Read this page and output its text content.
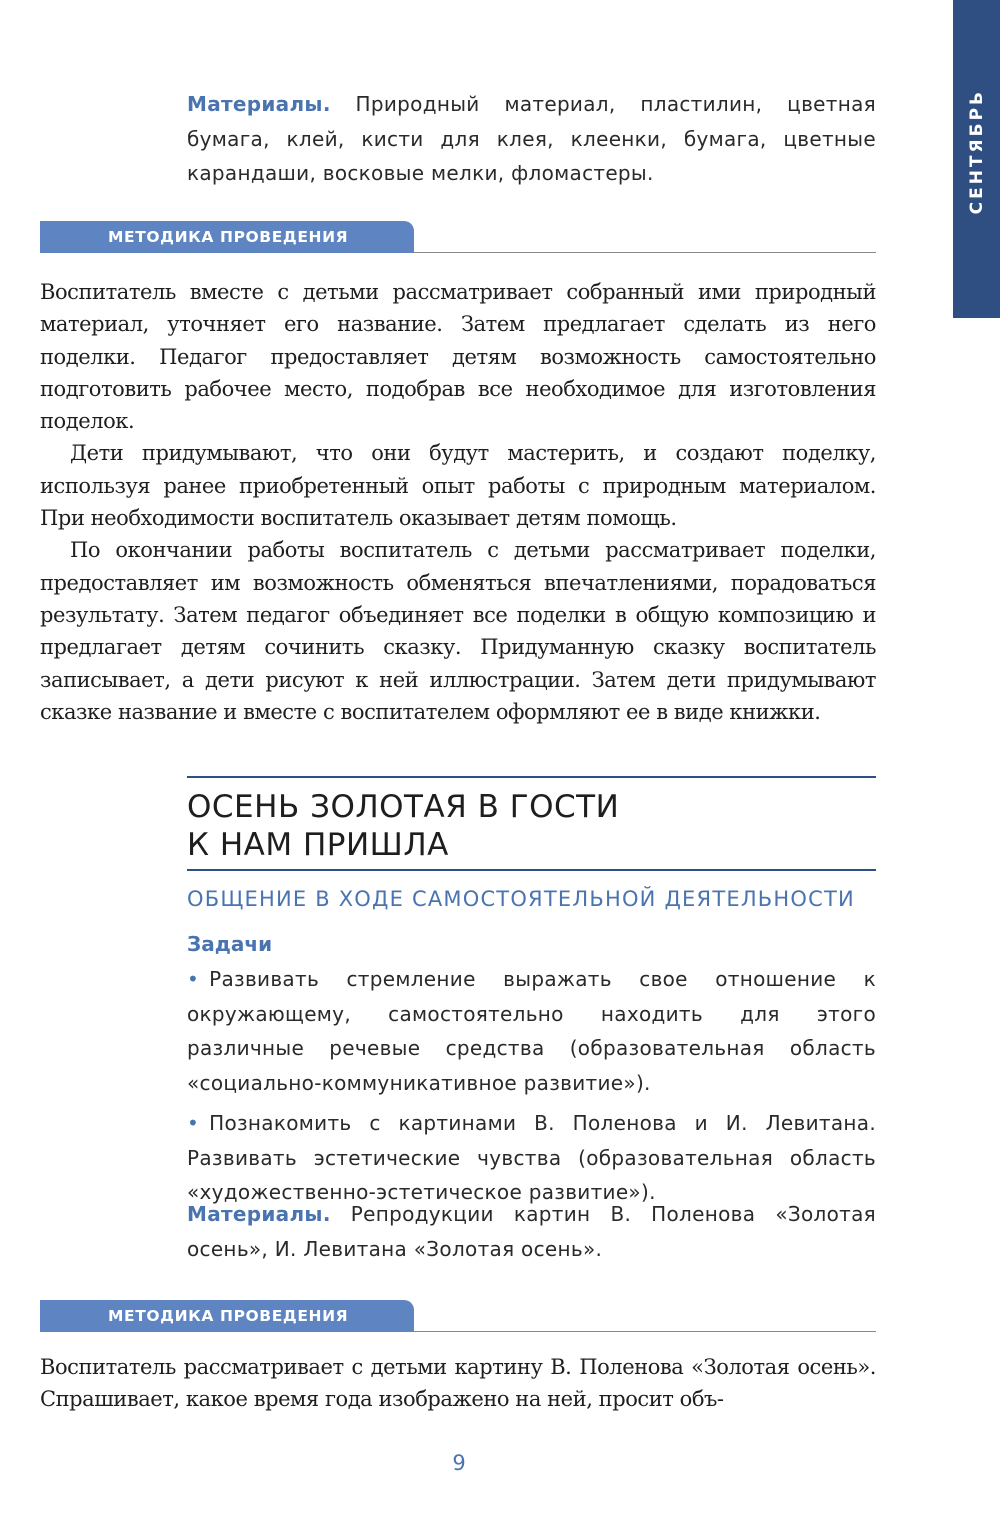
СЕНТЯБРЬ
Материалы. Природный материал, пластилин, цветная бумага, клей, кисти для клея, клеенки, бумага, цветные карандаши, восковые мелки, фломастеры.
МЕТОДИКА ПРОВЕДЕНИЯ

Воспитатель вместе с детьми рассматривает собранный ими природный материал, уточняет его название. Затем предлагает сделать из него поделки. Педагог предоставляет детям возможность самостоятельно подготовить рабочее место, подобрав все необходимое для изготовления поделок.

Дети придумывают, что они будут мастерить, и создают поделку, используя ранее приобретенный опыт работы с природным материалом. При необходимости воспитатель оказывает детям помощь.

По окончании работы воспитатель с детьми рассматривает поделки, предоставляет им возможность обменяться впечатлениями, порадоваться результату. Затем педагог объединяет все поделки в общую композицию и предлагает детям сочинить сказку. Придуманную сказку воспитатель записывает, а дети рисуют к ней иллюстрации. Затем дети придумывают сказке название и вместе с воспитателем оформляют ее в виде книжки.

ОСЕНЬ ЗОЛОТАЯ В ГОСТИ
К НАМ ПРИШЛА
ОБЩЕНИЕ В ХОДЕ САМОСТОЯТЕЛЬНОЙ ДЕЯТЕЛЬНОСТИ
Задачи
• Развивать стремление выражать свое отношение к окружающему, самостоятельно находить для этого различные речевые средства (образовательная область «социально-коммуникативное развитие»).
• Познакомить с картинами В. Поленова и И. Левитана. Развивать эстетические чувства (образовательная область «художественно-эстетическое развитие»).
Материалы. Репродукции картин В. Поленова «Золотая осень», И. Левитана «Золотая осень».
МЕТОДИКА ПРОВЕДЕНИЯ

Воспитатель рассматривает с детьми картину В. Поленова «Золотая осень». Спрашивает, какое время года изображено на ней, просит объ-

9
